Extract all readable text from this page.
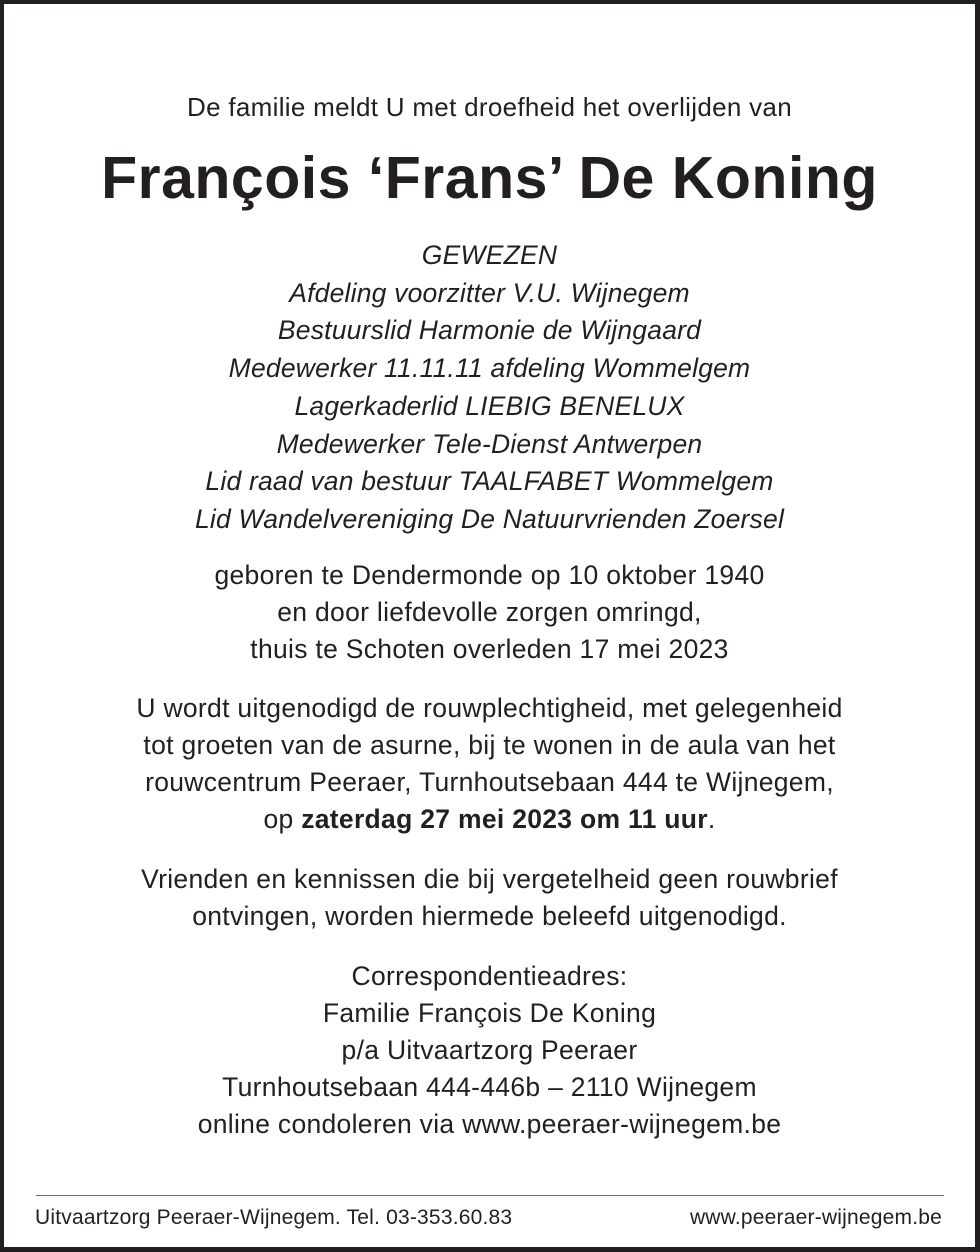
De familie meldt U met droefheid het overlijden van
François ‘Frans’ De Koning
GEWEZEN
Afdeling voorzitter V.U. Wijnegem
Bestuurslid Harmonie de Wijngaard
Medewerker 11.11.11 afdeling Wommelgem
Lagerkaderlid LIEBIG BENELUX
Medewerker Tele-Dienst Antwerpen
Lid raad van bestuur TAALFABET Wommelgem
Lid Wandelvereniging De Natuurvrienden Zoersel
geboren te Dendermonde op 10 oktober 1940
en door liefdevolle zorgen omringd,
thuis te Schoten overleden 17 mei 2023
U wordt uitgenodigd de rouwplechtigheid, met gelegenheid
tot groeten van de asurne, bij te wonen in de aula van het
rouwcentrum Peeraer, Turnhoutsebaan 444 te Wijnegem,
op zaterdag 27 mei 2023 om 11 uur.
Vrienden en kennissen die bij vergetelheid geen rouwbrief
ontvingen, worden hiermede beleefd uitgenodigd.
Correspondentieadres:
Familie François De Koning
p/a Uitvaartzorg Peeraer
Turnhoutsebaan 444-446b – 2110 Wijnegem
online condoleren via www.peeraer-wijnegem.be
Uitvaartzorg Peeraer-Wijnegem. Tel. 03-353.60.83	www.peeraer-wijnegem.be
